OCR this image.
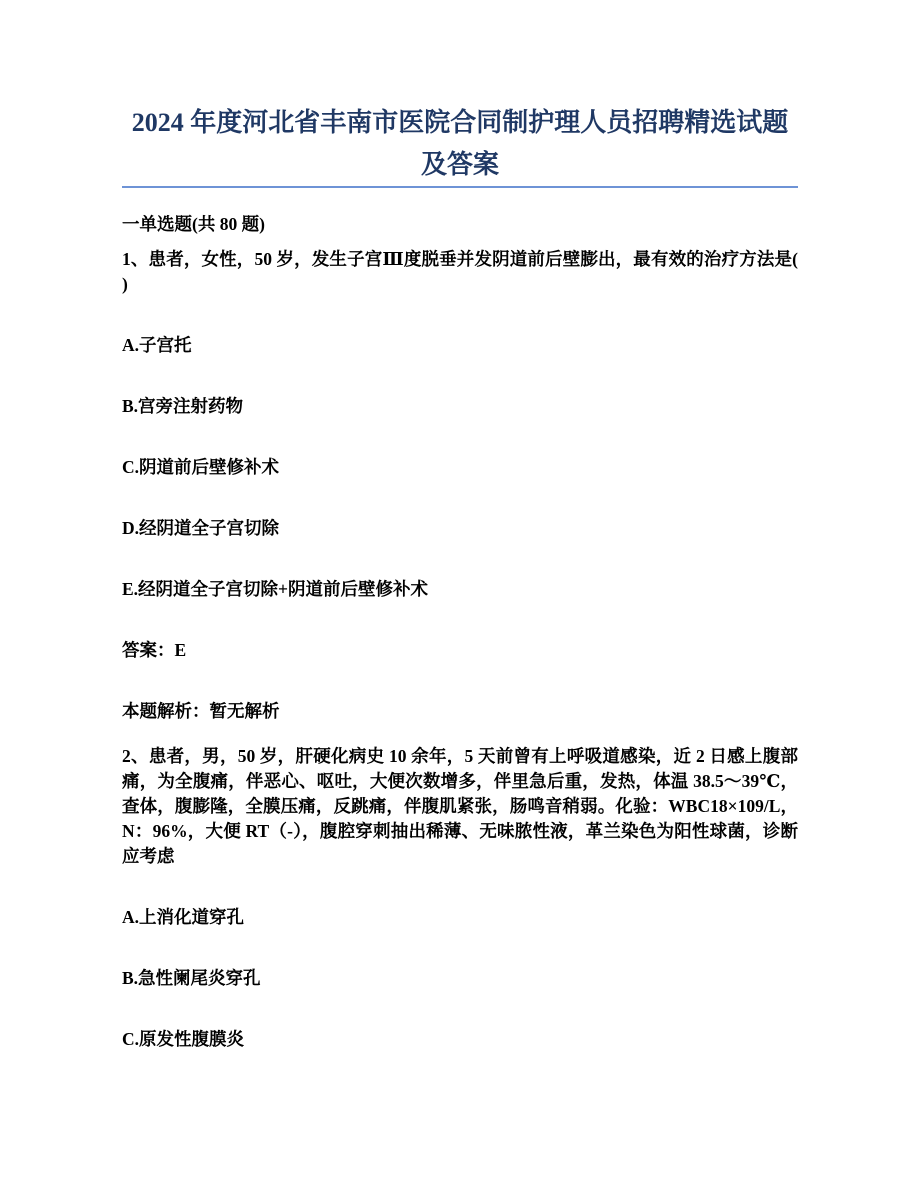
2024 年度河北省丰南市医院合同制护理人员招聘精选试题及答案

一单选题(共 80 题)

1、患者，女性，50 岁，发生子宫Ⅲ度脱垂并发阴道前后壁膨出，最有效的治疗方法是( )

A.子宫托

B.宫旁注射药物

C.阴道前后壁修补术

D.经阴道全子宫切除

E.经阴道全子宫切除+阴道前后壁修补术

答案：E

本题解析：暂无解析

2、患者，男，50 岁，肝硬化病史 10 余年，5 天前曾有上呼吸道感染，近 2 日感上腹部痛，为全腹痛，伴恶心、呕吐，大便次数增多，伴里急后重，发热，体温 38.5～39℃，查体，腹膨隆，全膜压痛，反跳痛，伴腹肌紧张，肠鸣音稍弱。化验：WBC18×109/L，N：96%，大便 RT（-），腹腔穿刺抽出稀薄、无味脓性液，革兰染色为阳性球菌，诊断应考虑

A.上消化道穿孔

B.急性阑尾炎穿孔

C.原发性腹膜炎
